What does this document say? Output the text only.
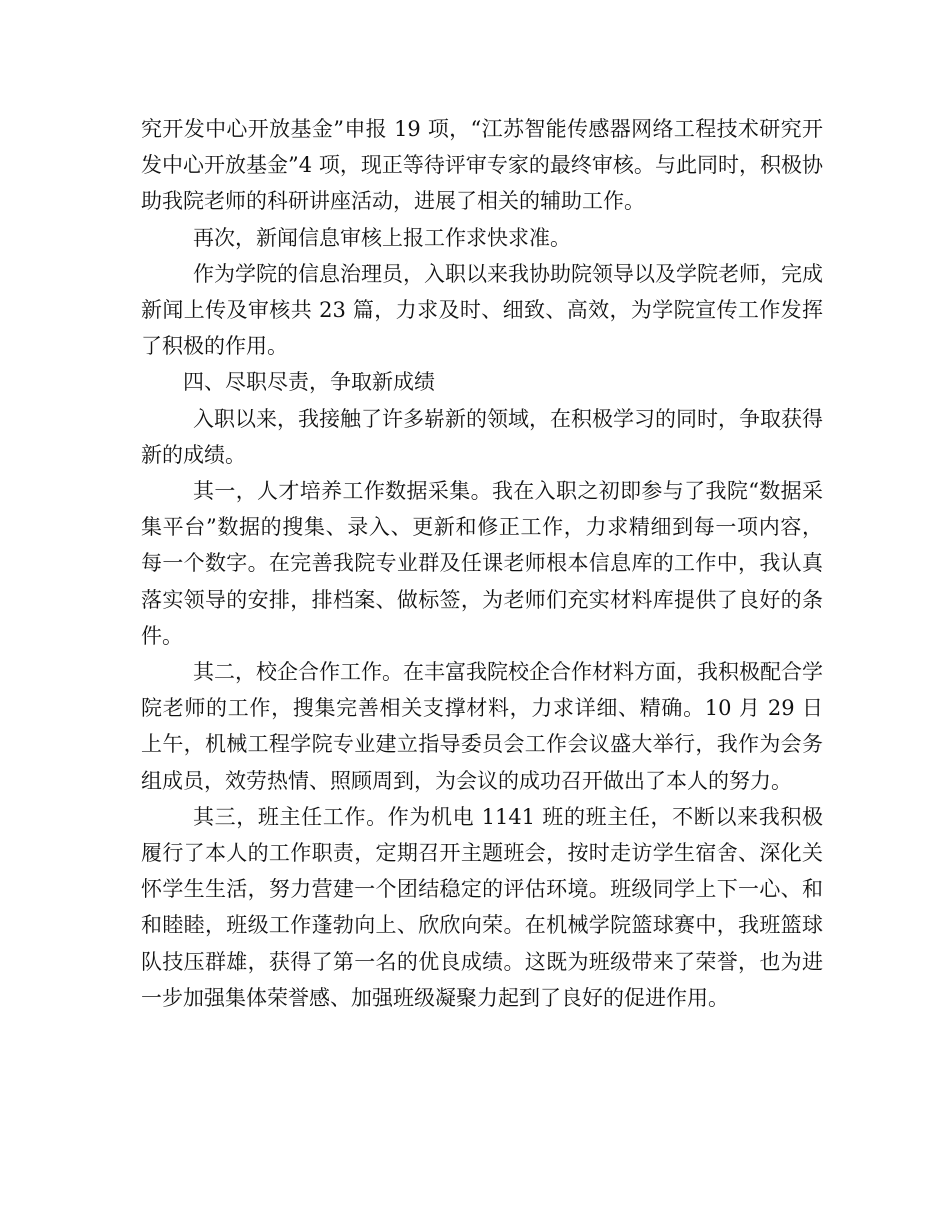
究开发中心开放基金”申报 19 项，“江苏智能传感器网络工程技术研究开发中心开放基金”4 项，现正等待评审专家的最终审核。与此同时，积极协助我院老师的科研讲座活动，进展了相关的辅助工作。

再次，新闻信息审核上报工作求快求准。

作为学院的信息治理员，入职以来我协助院领导以及学院老师，完成新闻上传及审核共 23 篇，力求及时、细致、高效，为学院宣传工作发挥了积极的作用。

四、尽职尽责，争取新成绩

入职以来，我接触了许多崭新的领域，在积极学习的同时，争取获得新的成绩。

其一，人才培养工作数据采集。我在入职之初即参与了我院“数据采集平台”数据的搜集、录入、更新和修正工作，力求精细到每一项内容，每一个数字。在完善我院专业群及任课老师根本信息库的工作中，我认真落实领导的安排，排档案、做标签，为老师们充实材料库提供了良好的条件。

其二，校企合作工作。在丰富我院校企合作材料方面，我积极配合学院老师的工作，搜集完善相关支撑材料，力求详细、精确。10 月 29 日上午，机械工程学院专业建立指导委员会工作会议盛大举行，我作为会务组成员，效劳热情、照顾周到，为会议的成功召开做出了本人的努力。

其三，班主任工作。作为机电 1141 班的班主任，不断以来我积极履行了本人的工作职责，定期召开主题班会，按时走访学生宿舍、深化关怀学生生活，努力营建一个团结稳定的评估环境。班级同学上下一心、和和睦睦，班级工作蓬勃向上、欣欣向荣。在机械学院篮球赛中，我班篮球队技压群雄，获得了第一名的优良成绩。这既为班级带来了荣誉，也为进一步加强集体荣誉感、加强班级凝聚力起到了良好的促进作用。
